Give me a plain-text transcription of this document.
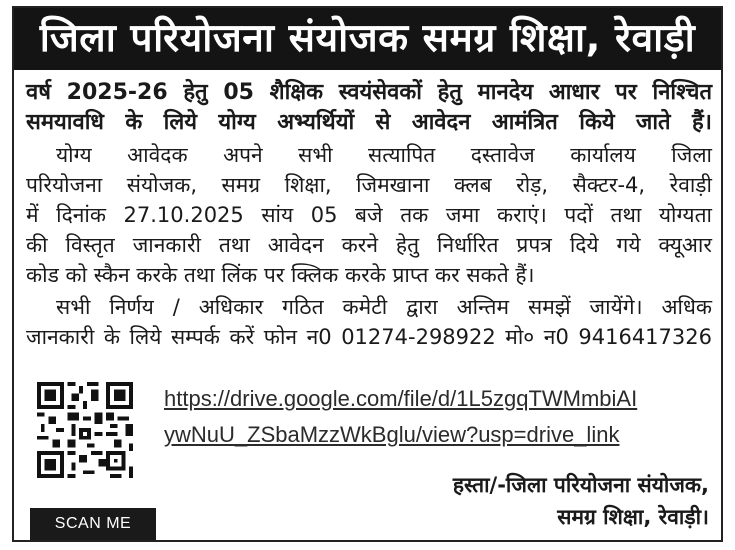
जिला परियोजना संयोजक समग्र शिक्षा, रेवाड़ी
वर्ष 2025-26 हेतु 05 शैक्षिक स्वयंसेवकों हेतु मानदेय आधार पर निश्चित
समयावधि के लिये योग्य अभ्यर्थियों से आवेदन आमंत्रित किये जाते हैं।
योग्य आवेदक अपने सभी सत्यापित दस्तावेज कार्यालय जिला
परियोजना संयोजक, समग्र शिक्षा, जिमखाना क्लब रोड़, सैक्टर-4, रेवाड़ी
में दिनांक 27.10.2025 सांय 05 बजे तक जमा कराएं। पदों तथा योग्यता
की विस्तृत जानकारी तथा आवेदन करने हेतु निर्धारित प्रपत्र दिये गये क्यूआर
कोड को स्कैन करके तथा लिंक पर क्लिक करके प्राप्त कर सकते हैं।
सभी निर्णय / अधिकार गठित कमेटी द्वारा अन्तिम समझें जायेंगे। अधिक
जानकारी के लिये सम्पर्क करें फोन न0 01274-298922 मो० न0 9416417326
SCAN ME
https://drive.google.com/file/d/1L5zgqTWMmbiAI
ywNuU_ZSbaMzzWkBglu/view?usp=drive_link
हस्ता/-जिला परियोजना संयोजक,
समग्र शिक्षा, रेवाड़ी।
